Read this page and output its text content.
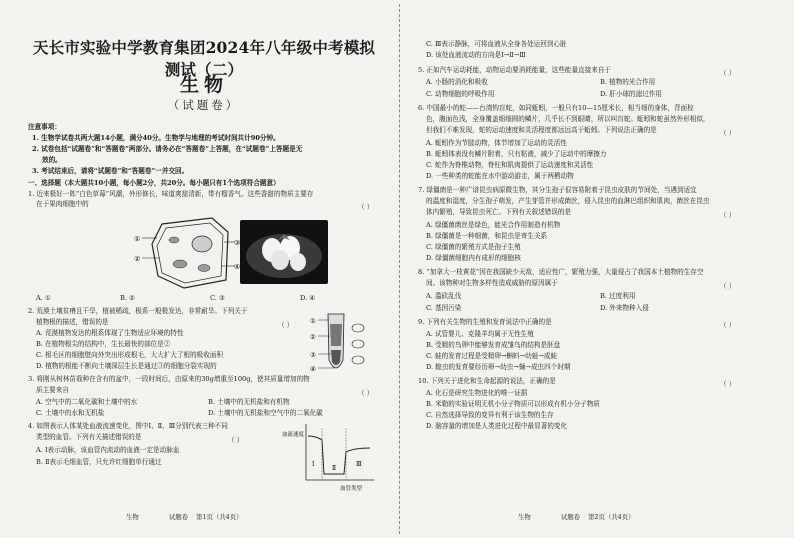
天长市实验中学教育集团2024年八年级中考模拟测试（二）
生物
（试题卷）
注意事项：
1. 生物学试卷共两大题14小题，满分40分。生物学与地理的考试时间共计90分钟。
2. 试卷包括“试题卷”和“答题卷”两部分。请务必在“答题卷”上答题，在“试题卷”上答题是无
效的。
3. 考试结束后，请将“试题卷”和“答题卷”一并交回。
一、选择题（本大题共10小题，每小题2分，共20分。每小题只有1个选项符合题意）
1. 近来极好一阵“白色草莓”风潮，外形修长，味道爽甜清新，带有榴香气。这些香甜的物质主要存
在于果肉细胞中的	（ ）
①
②
③
④
A. ①	B. ②	C. ③	D. ④
2. 荒漠土壤贫瘠且干旱，植被稀疏，极系一般极发达，非常耐旱。下列关于
植物根的描述，错误的是	（ ）
A. 荒漠植物发达的根系体现了生物适应环境的特性
B. 在植物根尖的结构中，生长最快的部位是②
C. 根毛区的细胞壁向外突出形成根毛，大大扩大了根的吸收面积
D. 植物的根能不断向土壤深层生长是通过③的细胞分裂实现的
①
②
③
④
3. 将刚从树林苗栽种在含有的盆中，一段时间后，由原来的30g增重至100g，使其质量增加的物
质主要来自	（ ）
A. 空气中的二氧化碳和土壤中的水	B. 土壤中的无机盐和有机物
C. 土壤中的水和无机盐	D. 土壤中的无机盐和空气中的二氧化碳
4. 如图表示人体某处血液流速变化，图中Ⅰ、Ⅱ、Ⅲ分别代表三种不同
类型的血管。下列有关描述错误的是	（ ）
A. Ⅰ表示动脉，该血管内流动的血液一定是动脉血
B. Ⅱ表示毛细血管，只允许红细胞单行通过
血流速度
血管类型
Ⅰ
Ⅱ
Ⅲ
生物	试题卷 第1页（共4页）
C. Ⅲ表示静脉，可将血液从全身各处运回到心脏
D. 该处血液流动的方向是Ⅰ→Ⅱ→Ⅲ
5. 正如汽车运动耗能，动物运动要消耗能量，这些能量直接来自于	（ ）
A. 小肠的消化和吸收	B. 植物的光合作用
C. 动物细胞的呼吸作用	D. 肝小球的滤过作用
6. 中国最小的蛇——台湾钩盲蛇，如同蚯蚓，一般只有10—15厘米长，相当细的身体，背面棕
色，腹面色浅，全身覆盖细细圆的鳞片，几乎长不到眼睛，所以叫盲蛇。蚯蚓和蛇虽然外形相似，
但我们不难发现，蛇的运动速度和灵活程度都远远高于蚯蚓。下列说法正确的是	（ ）
A. 蚯蚓作为节肢动物，体节增加了运动的灵活性
B. 蚯蚓体表没有鳞片附着，只有粘液，减少了运动中的摩擦力
C. 蛇作为脊椎动物，脊柱和肌肉提供了运动速度和灵活性
D. 一些种类的蛇能在水中游动游走，属于两栖动物
7. 绿僵菌是一种广谱昆虫病原微生物，其分生孢子很容易附着于昆虫皮肤的节间处，当遇到适宜
的温度和湿度，分生孢子萌发，产生芽管并形成菌丝，侵入昆虫的血淋巴组织和肌肉，菌丝在昆虫
体内繁殖，导致昆虫死亡。下列有关叙述错误的是	（ ）
A. 绿僵菌菌丝是绿色，能光合作用制造有机物
B. 绿僵菌是一种细菌，和昆虫是寄生关系
C. 绿僵菌的繁殖方式是孢子生殖
D. 绿僵菌细胞内有成形的细胞核
8. “加拿大一枝黄花”因在我国缺少天敌，适应性广，繁殖力强，大量侵占了我国本土植物的生存空
间。该物种对生物多样性造成威胁的原因属于	（ ）
A. 滥砍乱伐	B. 过度利用
C. 基因污染	D. 外来物种入侵
9. 下列有关生物的生殖和发育说法中正确的是	（ ）
A. 试管婴儿、克隆羊均属于无性生殖
B. 受精的鸟卵中能够发育成雏鸟的结构是胚盘
C. 蛙的发育过程是受精卵→蝌蚪→幼蛙→成蛙
D. 蝗虫的发育要经历卵→幼虫→蛹→成虫四个时期
10. 下列关于进化和生命起源的说法，正确的是	（ ）
A. 化石是研究生物进化的唯一证据
B. 米勒的实验证明无机小分子物质可以形成有机小分子物质
C. 自然选择导致的变异有利于该生物的生存
D. 脑容量的增加是人类进化过程中最显著的变化
生物	试题卷 第2页（共4页）
